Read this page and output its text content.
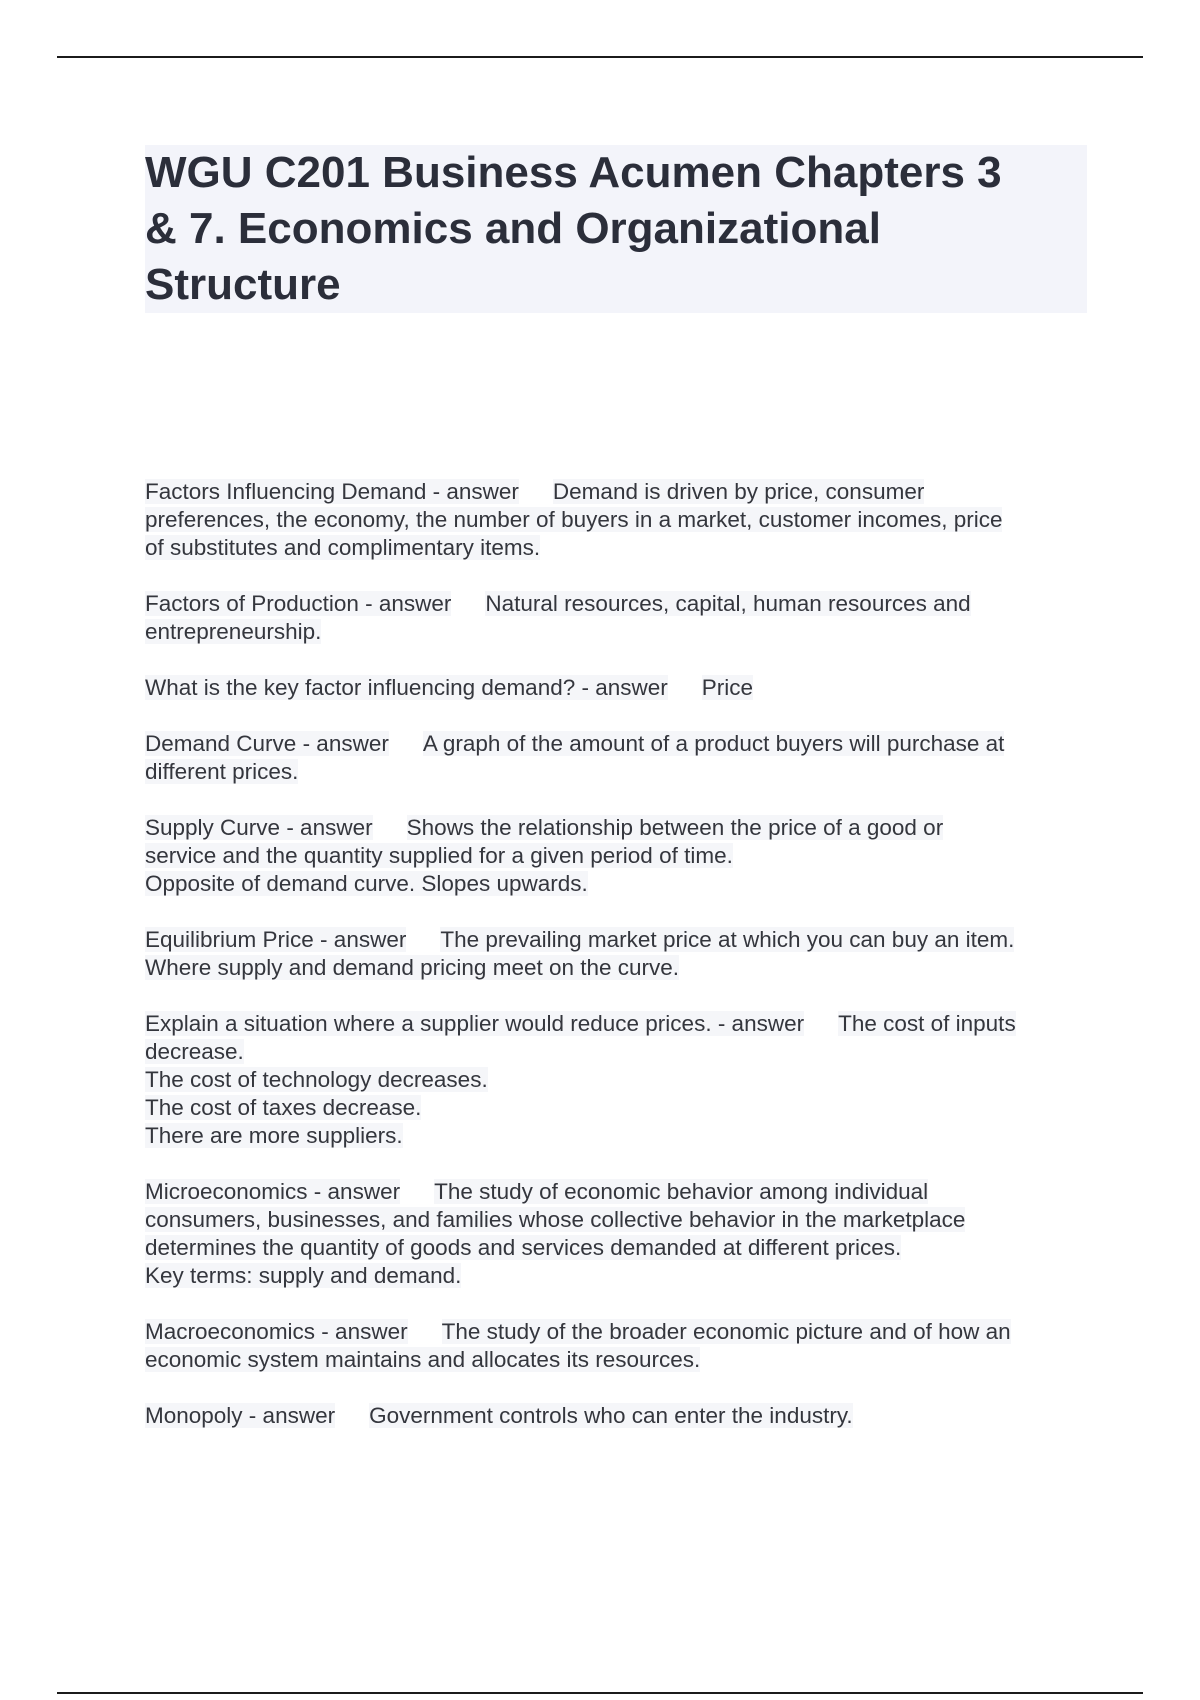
WGU C201 Business Acumen Chapters 3
& 7. Economics and Organizational
Structure
Factors Influencing Demand - answer Demand is driven by price, consumer
preferences, the economy, the number of buyers in a market, customer incomes, price
of substitutes and complimentary items.
Factors of Production - answer Natural resources, capital, human resources and
entrepreneurship.
What is the key factor influencing demand? - answer Price
Demand Curve - answer A graph of the amount of a product buyers will purchase at
different prices.
Supply Curve - answer Shows the relationship between the price of a good or
service and the quantity supplied for a given period of time.
Opposite of demand curve. Slopes upwards.
Equilibrium Price - answer The prevailing market price at which you can buy an item.
Where supply and demand pricing meet on the curve.
Explain a situation where a supplier would reduce prices. - answer The cost of inputs
decrease.
The cost of technology decreases.
The cost of taxes decrease.
There are more suppliers.
Microeconomics - answer The study of economic behavior among individual
consumers, businesses, and families whose collective behavior in the marketplace
determines the quantity of goods and services demanded at different prices.
Key terms: supply and demand.
Macroeconomics - answer The study of the broader economic picture and of how an
economic system maintains and allocates its resources.
Monopoly - answer Government controls who can enter the industry.
